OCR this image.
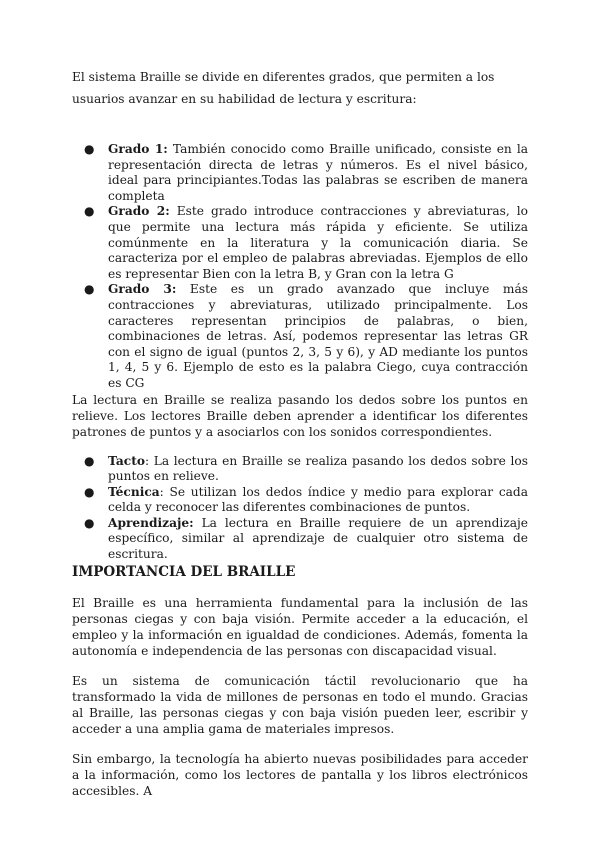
El sistema Braille se divide en diferentes grados, que permiten a los usuarios avanzar en su habilidad de lectura y escritura:

● Grado 1: También conocido como Braille unificado, consiste en la representación directa de letras y números. Es el nivel básico, ideal para principiantes.Todas las palabras se escriben de manera completa
● Grado 2: Este grado introduce contracciones y abreviaturas, lo que permite una lectura más rápida y eficiente. Se utiliza comúnmente en la literatura y la comunicación diaria. Se caracteriza por el empleo de palabras abreviadas. Ejemplos de ello es representar Bien con la letra B, y Gran con la letra G
● Grado 3: Este es un grado avanzado que incluye más contracciones y abreviaturas, utilizado principalmente. Los caracteres representan principios de palabras, o bien, combinaciones de letras. Así, podemos representar las letras GR con el signo de igual (puntos 2, 3, 5 y 6), y AD mediante los puntos 1, 4, 5 y 6. Ejemplo de esto es la palabra Ciego, cuya contracción es CG

La lectura en Braille se realiza pasando los dedos sobre los puntos en relieve. Los lectores Braille deben aprender a identificar los diferentes patrones de puntos y a asociarlos con los sonidos correspondientes.

● Tacto: La lectura en Braille se realiza pasando los dedos sobre los puntos en relieve.
● Técnica: Se utilizan los dedos índice y medio para explorar cada celda y reconocer las diferentes combinaciones de puntos.
● Aprendizaje: La lectura en Braille requiere de un aprendizaje específico, similar al aprendizaje de cualquier otro sistema de escritura.
IMPORTANCIA DEL BRAILLE

El Braille es una herramienta fundamental para la inclusión de las personas ciegas y con baja visión. Permite acceder a la educación, el empleo y la información en igualdad de condiciones. Además, fomenta la autonomía e independencia de las personas con discapacidad visual.

Es un sistema de comunicación táctil revolucionario que ha transformado la vida de millones de personas en todo el mundo. Gracias al Braille, las personas ciegas y con baja visión pueden leer, escribir y acceder a una amplia gama de materiales impresos.

Sin embargo, la tecnología ha abierto nuevas posibilidades para acceder a la información, como los lectores de pantalla y los libros electrónicos accesibles. A
